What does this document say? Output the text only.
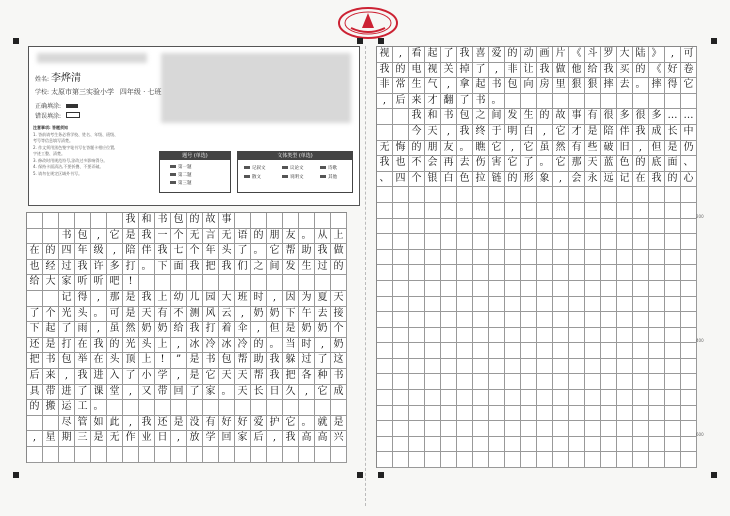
姓名: 李烨清
学校: 太原市第三实验小学 四年级 · 七班
正确填涂:
错误填涂:
注意事项: 答题须知
1. 答前请考生务必将学校、姓名、年级、班级、
考号等信息填写清楚。
2. 作文须用黑色签字笔书写在答题卡相应位置,
字迹工整、清楚。
3. 修改时用规范符号,涂改过多影响得分。
4. 保持卡面清洁,不要折叠、不要弄破。
5. 请勿在规定区域外书写。
题号 (单选)
第一题
第二题
第三题
文体类型 (单选)
记叙文
散文
议论文
说明文
诗歌
其他
我 和 书 包 的 故 事
书 包 , 它 是 我 一 个 无 言 无 语 的 朋 友 。 从 上
在 的 四 年 级 , 陪 伴 我 七 个 年 头 了 。 它 帮 助 我 做
也 经 过 我 许 多 打 。 下 面 我 把 我 们 之 间 发 生 过 的
给 大 家 听 听 吧 !
记 得 , 那 是 我 上 幼 儿 园 大 班 时 , 因 为 夏 天
了 个 光 头 。 可 是 天 有 不 测 风 云 , 奶 奶 下 午 去 接
下 起 了 雨 , 虽 然 奶 奶 给 我 打 着 伞 , 但 是 奶 奶 个
还 是 打 在 我 的 光 头 上 , 冰 冷 冰 冷 的 。 当 时 , 奶
把 书 包 举 在 头 顶 上 !	” 是 书 包 帮 助 我 躲 过 了 这
后 来 , 我 进 入 了 小 学 , 是 它 天 天 帮 我 把 各 种 书
具 带 进 了 课 堂 , 又 带 回 了 家 。 天 长 日 久 , 它 成
的 搬 运 工 。
尽 管 如 此 , 我 还 是 没 有 好 好 爱 护 它 。 就 是
, 星 期 三 是 无 作 业 日 , 放 学 回 家 后 , 我 高 高 兴
视 , 看 起 了 我 喜 爱 的 动 画 片 《 斗 罗 大 陆 》 , 可
我 的 电 视 关 掉 了 , 非 让 我 做 他 给 我 买 的 《 好 卷
非 常 生 气 , 拿 起 书 包 向 房 里 狠 狠 摔 去 。 摔 得 它
, 后 来 才 翻 了 书 。
我 和 书 包 之 间 发 生 的 故 事 有 很 多 很 多 … …
今 天 , 我 终 于 明 白 , 它 才 是 陪 伴 我 成 长 中
无 悔 的 朋 友 。 瞧 它 , 它 虽 然 有 些 破 旧 , 但 是 仍
我 也 不 会 再 去 伤 害 它 了 。 它 那 天 蓝 色 的 底 面 、
、 四 个 银 白 色 拉 链 的 形 象 , 会 永 远 记 在 我 的 心
200
400
600
